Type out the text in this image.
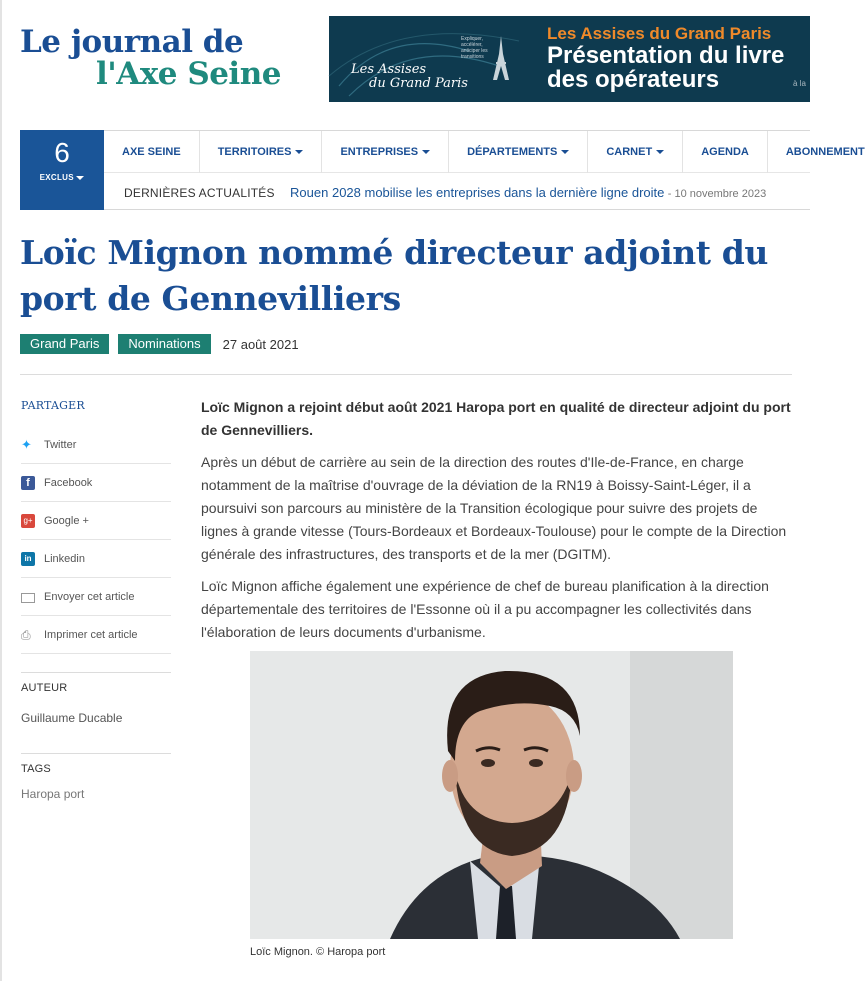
Le journal de
l'Axe Seine	Les Assises
du Grand Paris
Expliquer, accélérer, anticiper les transitions
Les Assises du Grand Paris
Présentation du livre
des opérateurs	à la
6
EXCLUS
AXE SEINE	TERRITOIRES	ENTREPRISES	DÉPARTEMENTS	CARNET	AGENDA	ABONNEMENT
DERNIÈRES ACTUALITÉS Rouen 2028 mobilise les entreprises dans la dernière ligne droite - 10 novembre 2023
Loïc Mignon nommé directeur adjoint du port de Gennevilliers
Grand Paris	Nominations	27 août 2021
PARTAGER
✦ Twitter
f	Facebook
g+ Google +
in	Linkedin
Envoyer cet article
⎙	Imprimer cet article
AUTEUR
Guillaume Ducable
TAGS
Haropa port

Loïc Mignon a rejoint début août 2021 Haropa port en qualité de directeur adjoint du port de Gennevilliers.

Après un début de carrière au sein de la direction des routes d'Ile-de-France, en charge notamment de la maîtrise d'ouvrage de la déviation de la RN19 à Boissy-Saint-Léger, il a poursuivi son parcours au ministère de la Transition écologique pour suivre des projets de lignes à grande vitesse (Tours-Bordeaux et Bordeaux-Toulouse) pour le compte de la Direction générale des infrastructures, des transports et de la mer (DGITM).

Loïc Mignon affiche également une expérience de chef de bureau planification à la direction départementale des territoires de l'Essonne où il a pu accompagner les collectivités dans l'élaboration de leurs documents d'urbanisme.

Loïc Mignon. © Haropa port
